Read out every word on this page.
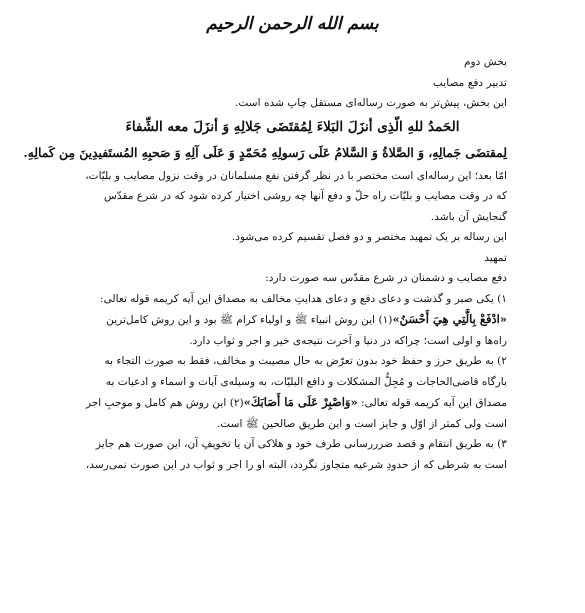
بسم الله الرحمن الرحیم
بخش دوم
تدبیر دفع مصایب
این بخش، پیش‌تر به صورت رساله‌ای مستقل چاپ شده است.
الحَمدُ للهِ الّذِی أنزَلَ البَلاءَ لِمُقتَضَی جَلالِهِ وَ أنزَلَ معه الشِّفاءَ
لِمقتضَی جَمالِهِ، وَ الصَّلاةُ وَ السَّلامُ عَلَی رَسولِهِ مُحَمّدٍ وَ عَلَی آلِهِ وَ صَحبِهِ المُستَفیدِینَ مِن کَمالِهِ.
امّا بعد؛ این رساله‌ای است مختصر با در نظر گرفتن نفع مسلمانان در وقت نزول مصایب و بلیّات،
که در وقت مصایب و بلیّات راه حلّ و دفع آنها چه روشی اختیار کرده شود که در شرع مقدّس
گنجایش آن باشد.
این رساله بر یک تمهید مختصر و دو فصل تقسیم کرده می‌شود.
تمهید
دفع مصایب و دشمنان در شرع مقدّس سه صورت دارد:
۱) یکی صبر و گذشت و دعای دفع و دعای هدایتِ مخالف به مصداق این آیه کریمه قوله تعالی:
«ادْفَعْ بِالَّتِي هِيَ أَحْسَنُ»(۱) این روش انبیاء ﷺ و اولیاء کرام ﷺ بود و این روش کامل‌ترین
راه‌ها و اولی است؛ چراکه در دنیا و آخرت نتیجه‌ی خیر و اجر و ثواب دارد.
۲) به طریق حرز و حفظ خود بدون تعرّض به حال مصیبت و مخالف، فقط به صورت التجاء به
بارگاه قاضی‌الحاجات و مُجِلُّ المشکلات و دافع البلیّات، به وسیله‌ی آیات و اسماء و ادعیات به
مصداق این آیه کریمه قوله تعالی: «وَاصْبِرْ عَلَى مَا أَصَابَكَ»(۲) این روش هم کامل و موجبِ اجر
است ولی کمتر از اوّل و جایز است و این طریق صالحین ﷺ است.
۳) به طریق انتقام و قصد ضرررسانی طرف خود و هلاکی آن یا تخویفِ آن، این صورت هم جایز
است به شرطی که از حدودِ شرعیه متجاوز نگردد، البته او را اجر و ثواب در این صورت نمی‌رسد،
